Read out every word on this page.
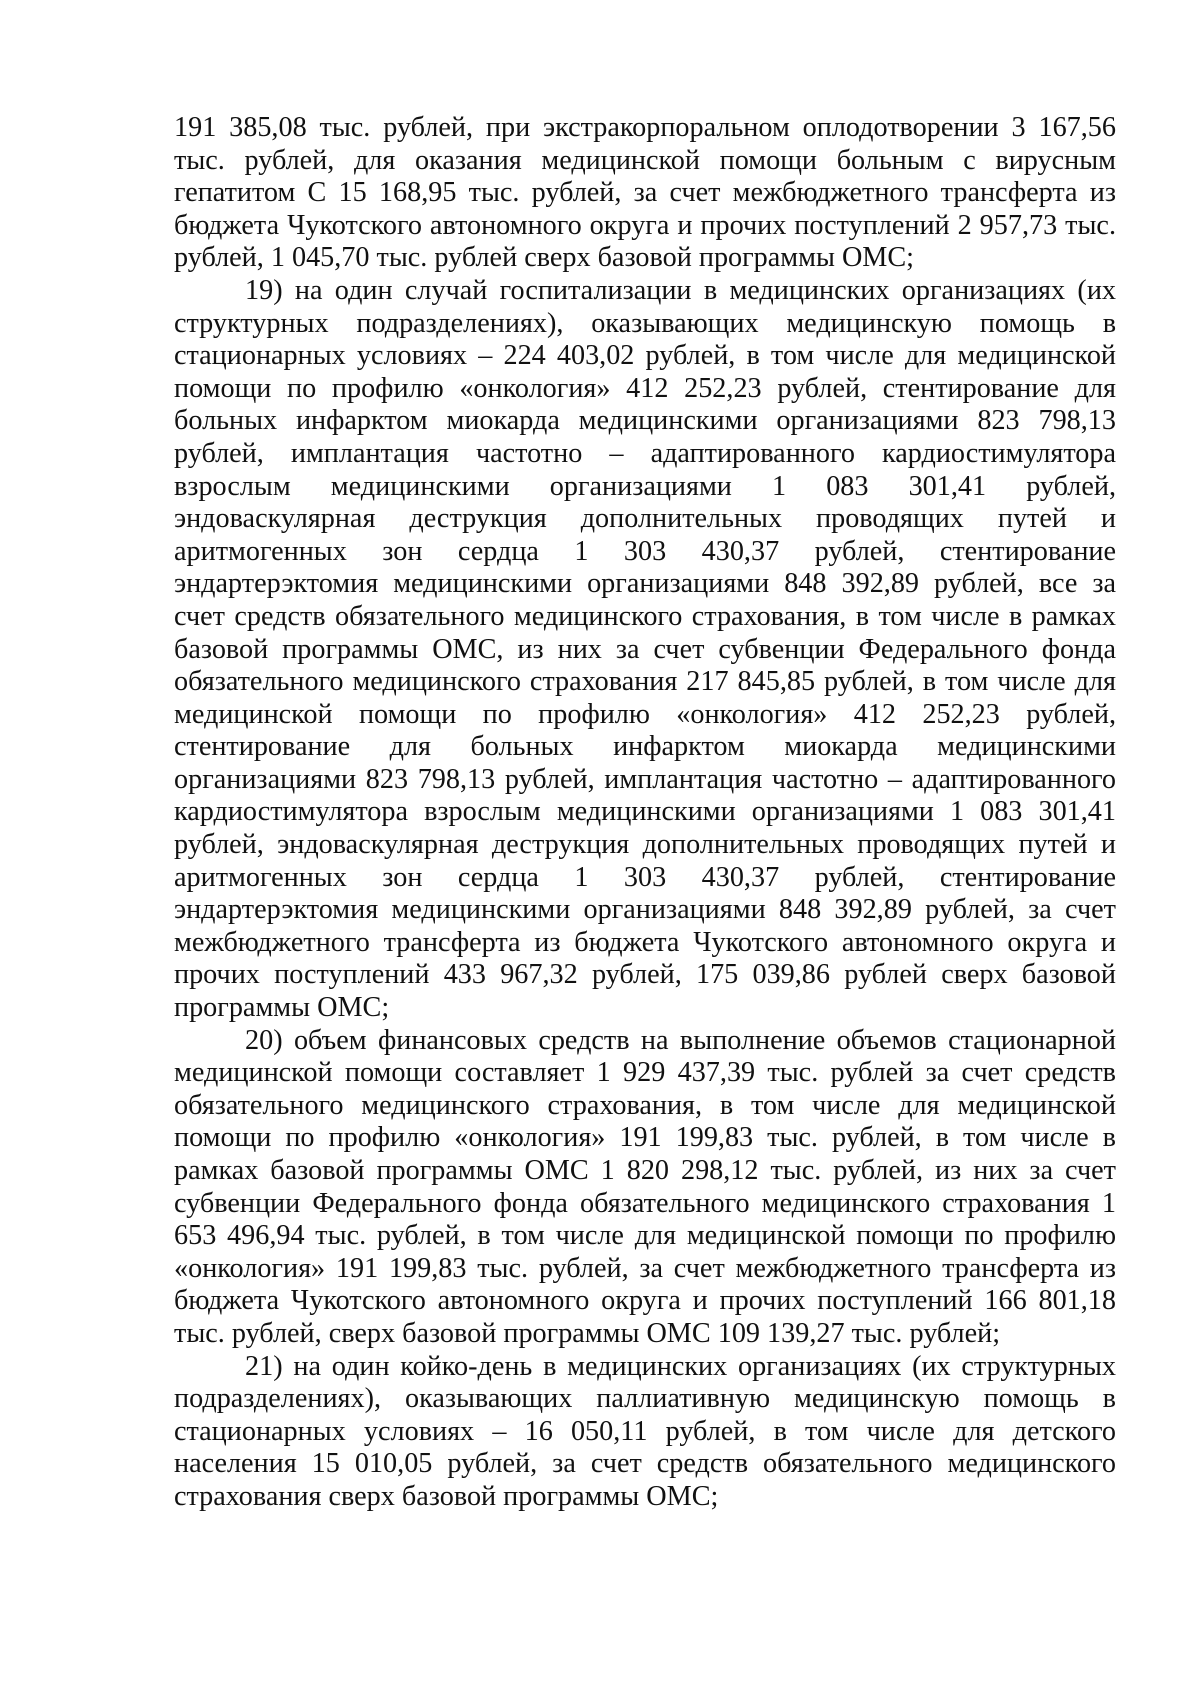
191 385,08 тыс. рублей, при экстракорпоральном оплодотворении 3 167,56 тыс. рублей, для оказания медицинской помощи больным с вирусным гепатитом С 15 168,95 тыс. рублей, за счет межбюджетного трансферта из бюджета Чукотского автономного округа и прочих поступлений 2 957,73 тыс. рублей, 1 045,70 тыс. рублей сверх базовой программы ОМС;

19) на один случай госпитализации в медицинских организациях (их структурных подразделениях), оказывающих медицинскую помощь в стационарных условиях – 224 403,02 рублей, в том числе для медицинской помощи по профилю «онкология» 412 252,23 рублей, стентирование для больных инфарктом миокарда медицинскими организациями 823 798,13 рублей, имплантация частотно – адаптированного кардиостимулятора взрослым медицинскими организациями 1 083 301,41 рублей, эндоваскулярная деструкция дополнительных проводящих путей и аритмогенных зон сердца 1 303 430,37 рублей, стентирование эндартерэктомия медицинскими организациями 848 392,89 рублей, все за счет средств обязательного медицинского страхования, в том числе в рамках базовой программы ОМС, из них за счет субвенции Федерального фонда обязательного медицинского страхования 217 845,85 рублей, в том числе для медицинской помощи по профилю «онкология» 412 252,23 рублей, стентирование для больных инфарктом миокарда медицинскими организациями 823 798,13 рублей, имплантация частотно – адаптированного кардиостимулятора взрослым медицинскими организациями 1 083 301,41 рублей, эндоваскулярная деструкция дополнительных проводящих путей и аритмогенных зон сердца 1 303 430,37 рублей, стентирование эндартерэктомия медицинскими организациями 848 392,89 рублей, за счет межбюджетного трансферта из бюджета Чукотского автономного округа и прочих поступлений 433 967,32 рублей, 175 039,86 рублей сверх базовой программы ОМС;

20) объем финансовых средств на выполнение объемов стационарной медицинской помощи составляет 1 929 437,39 тыс. рублей за счет средств обязательного медицинского страхования, в том числе для медицинской помощи по профилю «онкология» 191 199,83 тыс. рублей, в том числе в рамках базовой программы ОМС 1 820 298,12 тыс. рублей, из них за счет субвенции Федерального фонда обязательного медицинского страхования 1 653 496,94 тыс. рублей, в том числе для медицинской помощи по профилю «онкология» 191 199,83 тыс. рублей, за счет межбюджетного трансферта из бюджета Чукотского автономного округа и прочих поступлений 166 801,18 тыс. рублей, сверх базовой программы ОМС 109 139,27 тыс. рублей;

21) на один койко-день в медицинских организациях (их структурных подразделениях), оказывающих паллиативную медицинскую помощь в стационарных условиях – 16 050,11 рублей, в том числе для детского населения 15 010,05 рублей, за счет средств обязательного медицинского страхования сверх базовой программы ОМС;
